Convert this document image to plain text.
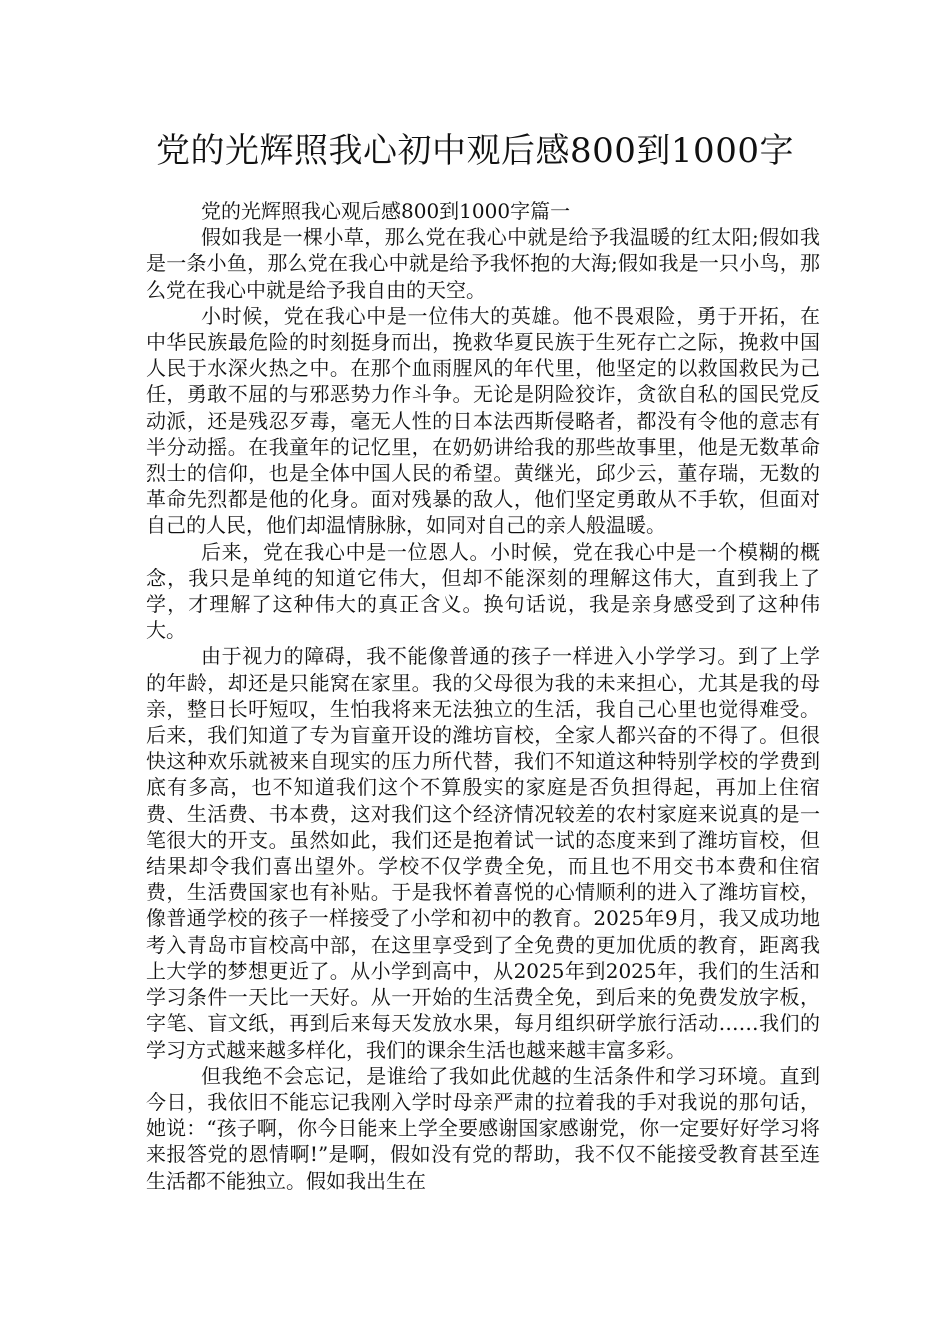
党的光辉照我心初中观后感800到1000字

党的光辉照我心观后感800到1000字篇一

假如我是一棵小草，那么党在我心中就是给予我温暖的红太阳;假如我是一条小鱼，那么党在我心中就是给予我怀抱的大海;假如我是一只小鸟，那么党在我心中就是给予我自由的天空。

小时候，党在我心中是一位伟大的英雄。他不畏艰险，勇于开拓，在中华民族最危险的时刻挺身而出，挽救华夏民族于生死存亡之际，挽救中国人民于水深火热之中。在那个血雨腥风的年代里，他坚定的以救国救民为己任，勇敢不屈的与邪恶势力作斗争。无论是阴险狡诈，贪欲自私的国民党反动派，还是残忍歹毒，毫无人性的日本法西斯侵略者，都没有令他的意志有半分动摇。在我童年的记忆里，在奶奶讲给我的那些故事里，他是无数革命烈士的信仰，也是全体中国人民的希望。黄继光，邱少云，董存瑞，无数的革命先烈都是他的化身。面对残暴的敌人，他们坚定勇敢从不手软，但面对自己的人民，他们却温情脉脉，如同对自己的亲人般温暖。

后来，党在我心中是一位恩人。小时候，党在我心中是一个模糊的概念，我只是单纯的知道它伟大，但却不能深刻的理解这伟大，直到我上了学，才理解了这种伟大的真正含义。换句话说，我是亲身感受到了这种伟大。

由于视力的障碍，我不能像普通的孩子一样进入小学学习。到了上学的年龄，却还是只能窝在家里。我的父母很为我的未来担心，尤其是我的母亲，整日长吁短叹，生怕我将来无法独立的生活，我自己心里也觉得难受。后来，我们知道了专为盲童开设的潍坊盲校，全家人都兴奋的不得了。但很快这种欢乐就被来自现实的压力所代替，我们不知道这种特别学校的学费到底有多高，也不知道我们这个不算殷实的家庭是否负担得起，再加上住宿费、生活费、书本费，这对我们这个经济情况较差的农村家庭来说真的是一笔很大的开支。虽然如此，我们还是抱着试一试的态度来到了潍坊盲校，但结果却令我们喜出望外。学校不仅学费全免，而且也不用交书本费和住宿费，生活费国家也有补贴。于是我怀着喜悦的心情顺利的进入了潍坊盲校，像普通学校的孩子一样接受了小学和初中的教育。2025年9月，我又成功地考入青岛市盲校高中部，在这里享受到了全免费的更加优质的教育，距离我上大学的梦想更近了。从小学到高中，从2025年到2025年，我们的生活和学习条件一天比一天好。从一开始的生活费全免，到后来的免费发放字板，字笔、盲文纸，再到后来每天发放水果，每月组织研学旅行活动……我们的学习方式越来越多样化，我们的课余生活也越来越丰富多彩。

但我绝不会忘记，是谁给了我如此优越的生活条件和学习环境。直到今日，我依旧不能忘记我刚入学时母亲严肃的拉着我的手对我说的那句话，她说：“孩子啊，你今日能来上学全要感谢国家感谢党，你一定要好好学习将来报答党的恩情啊!”是啊，假如没有党的帮助，我不仅不能接受教育甚至连生活都不能独立。假如我出生在
